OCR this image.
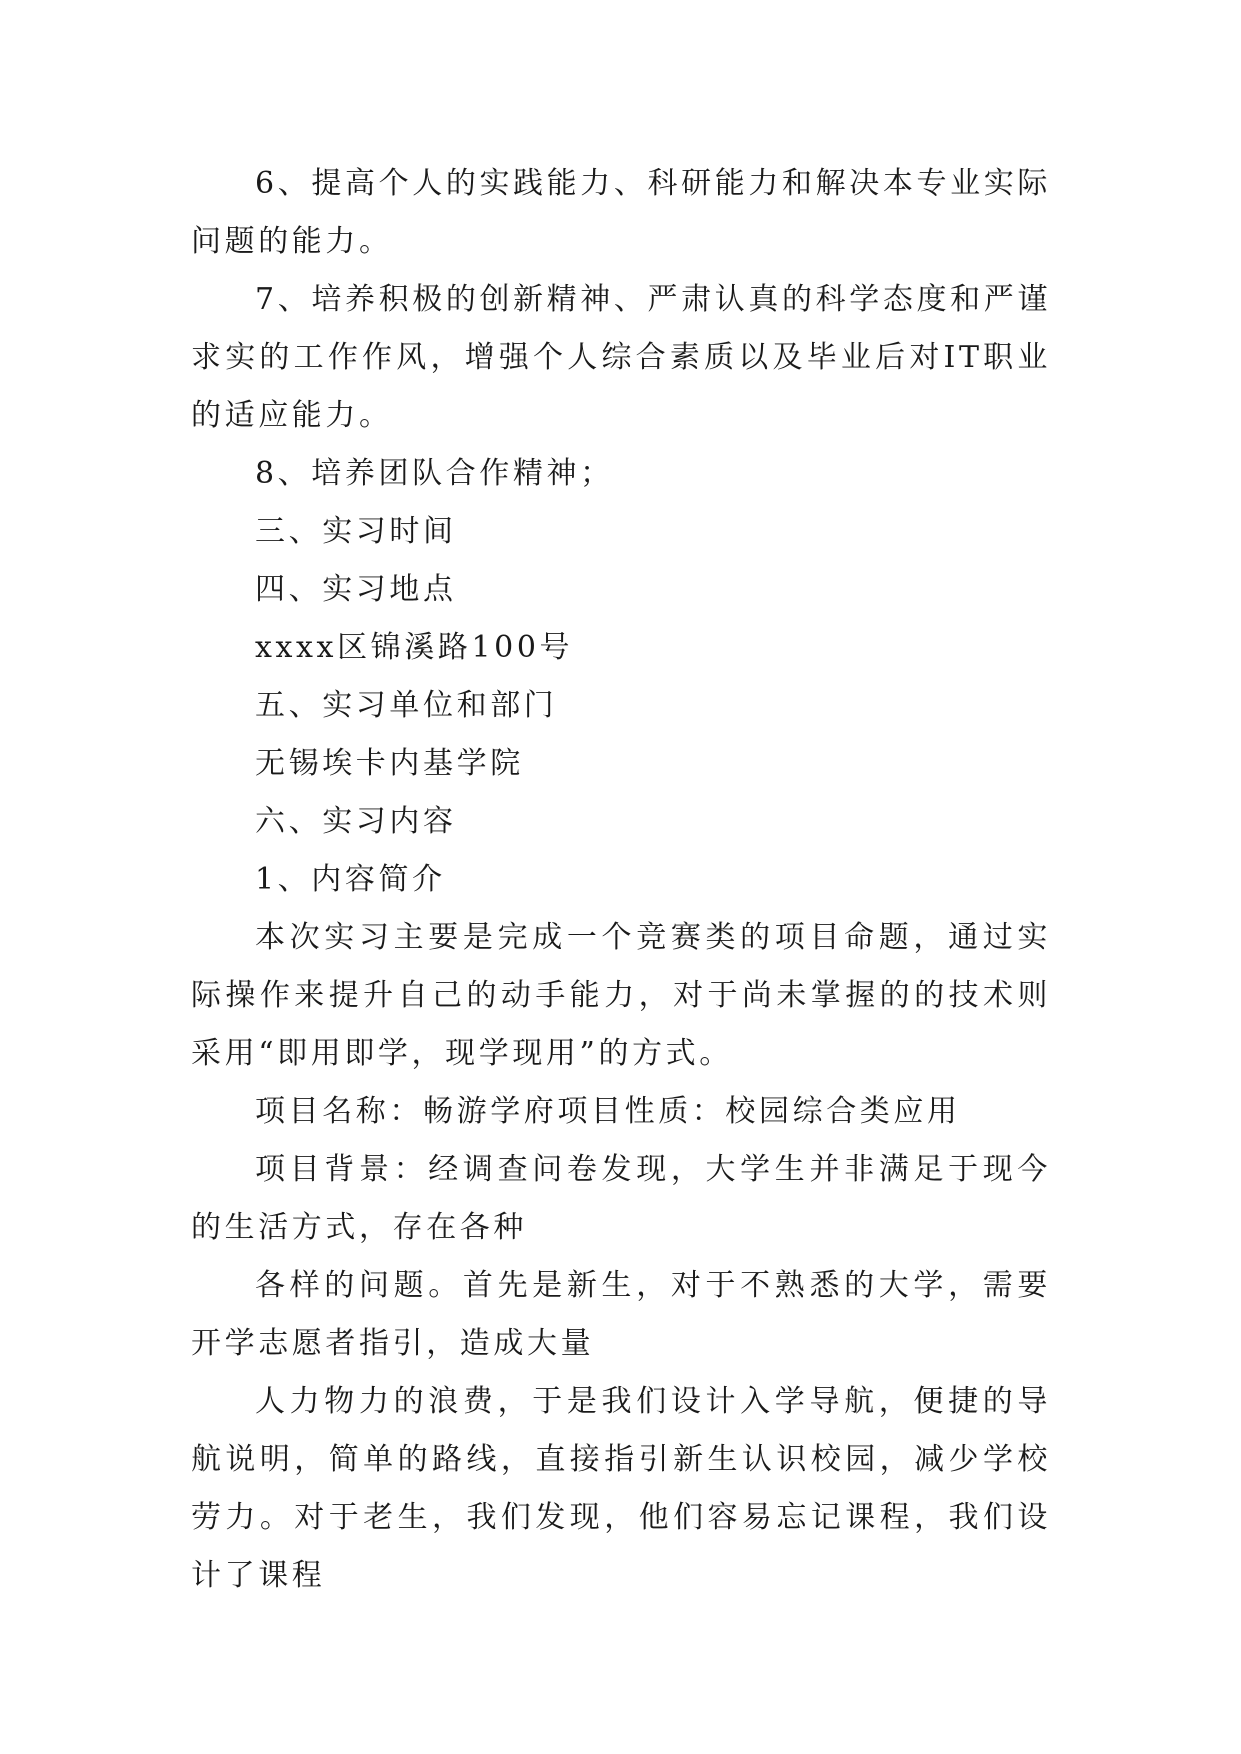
6、提高个人的实践能力、科研能力和解决本专业实际问题的能力。

7、培养积极的创新精神、严肃认真的科学态度和严谨求实的工作作风，增强个人综合素质以及毕业后对IT职业的适应能力。

8、培养团队合作精神；

三、实习时间

四、实习地点

xxxx区锦溪路100号

五、实习单位和部门

无锡埃卡内基学院

六、实习内容

1、内容简介

本次实习主要是完成一个竞赛类的项目命题，通过实际操作来提升自己的动手能力，对于尚未掌握的的技术则采用“即用即学，现学现用”的方式。

项目名称：畅游学府项目性质：校园综合类应用

项目背景：经调查问卷发现，大学生并非满足于现今的生活方式，存在各种

各样的问题。首先是新生，对于不熟悉的大学，需要开学志愿者指引，造成大量

人力物力的浪费，于是我们设计入学导航，便捷的导航说明，简单的路线，直接指引新生认识校园，减少学校劳力。对于老生，我们发现，他们容易忘记课程，我们设计了课程
